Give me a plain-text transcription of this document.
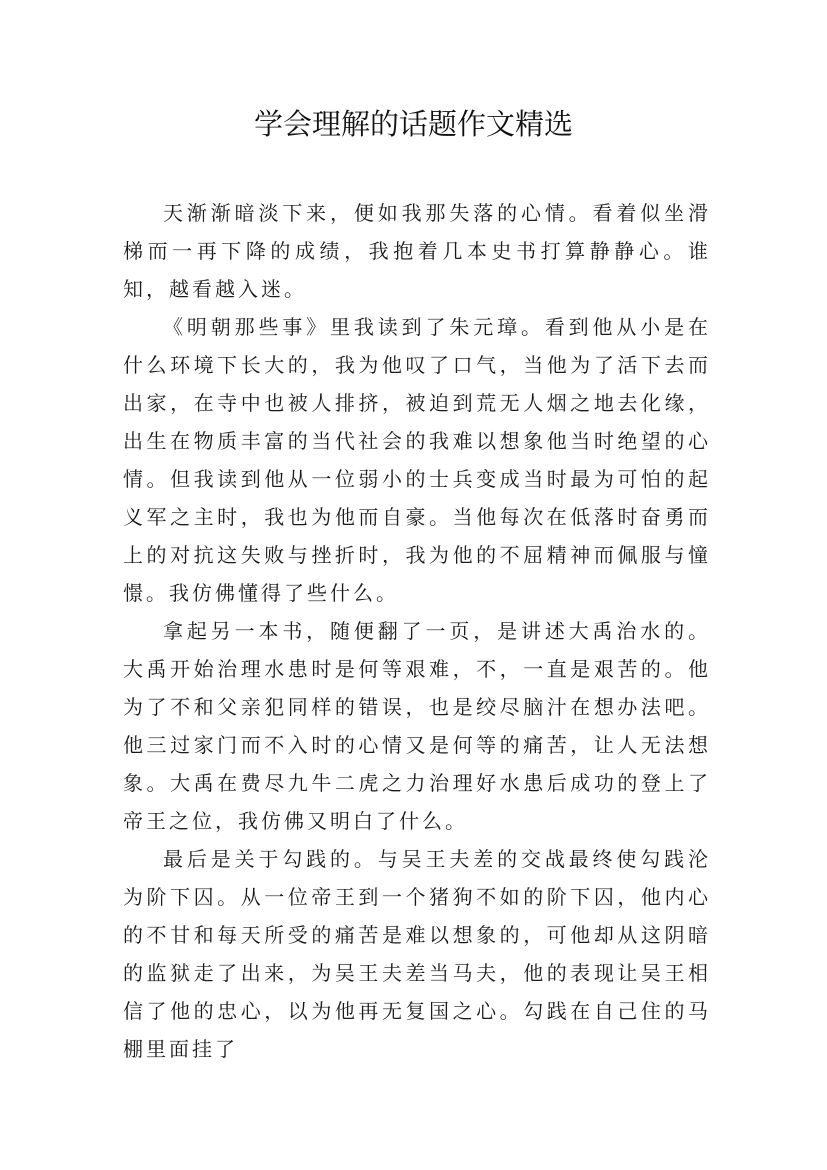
学会理解的话题作文精选

天渐渐暗淡下来，便如我那失落的心情。看着似坐滑梯而一再下降的成绩，我抱着几本史书打算静静心。谁知，越看越入迷。

《明朝那些事》里我读到了朱元璋。看到他从小是在什么环境下长大的，我为他叹了口气，当他为了活下去而出家，在寺中也被人排挤，被迫到荒无人烟之地去化缘，出生在物质丰富的当代社会的我难以想象他当时绝望的心情。但我读到他从一位弱小的士兵变成当时最为可怕的起义军之主时，我也为他而自豪。当他每次在低落时奋勇而上的对抗这失败与挫折时，我为他的不屈精神而佩服与憧憬。我仿佛懂得了些什么。

拿起另一本书，随便翻了一页，是讲述大禹治水的。大禹开始治理水患时是何等艰难，不，一直是艰苦的。他为了不和父亲犯同样的错误，也是绞尽脑汁在想办法吧。他三过家门而不入时的心情又是何等的痛苦，让人无法想象。大禹在费尽九牛二虎之力治理好水患后成功的登上了帝王之位，我仿佛又明白了什么。

最后是关于勾践的。与吴王夫差的交战最终使勾践沦为阶下囚。从一位帝王到一个猪狗不如的阶下囚，他内心的不甘和每天所受的痛苦是难以想象的，可他却从这阴暗的监狱走了出来，为吴王夫差当马夫，他的表现让吴王相信了他的忠心，以为他再无复国之心。勾践在自己住的马棚里面挂了
